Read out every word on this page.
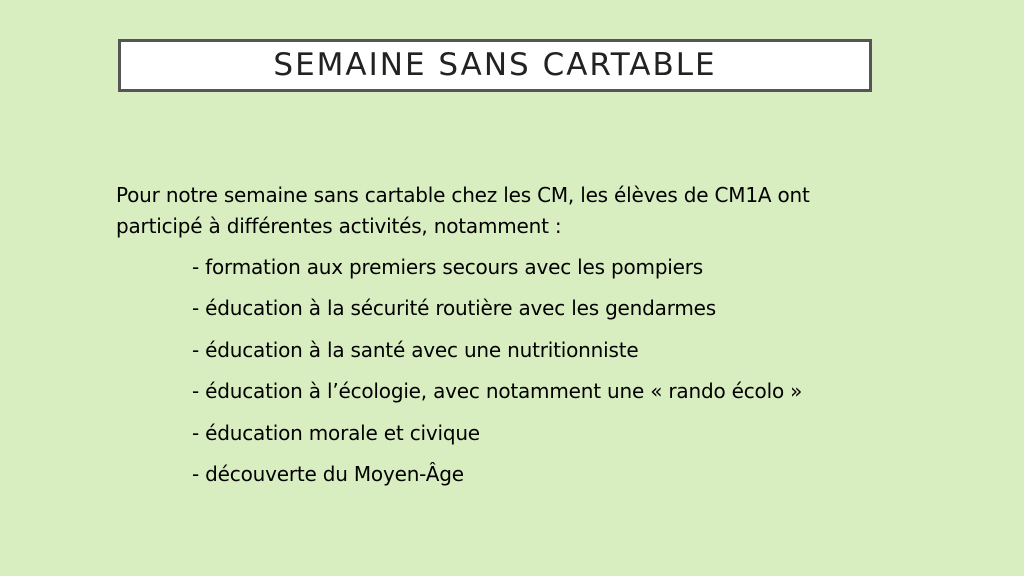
SEMAINE SANS CARTABLE

Pour notre semaine sans cartable chez les CM, les élèves de CM1A ont

participé à différentes activités, notamment :

- formation aux premiers secours avec les pompiers
- éducation à la sécurité routière avec les gendarmes
- éducation à la santé avec une nutritionniste
- éducation à l’écologie, avec notamment une « rando écolo »
- éducation morale et civique
- découverte du Moyen-Âge
